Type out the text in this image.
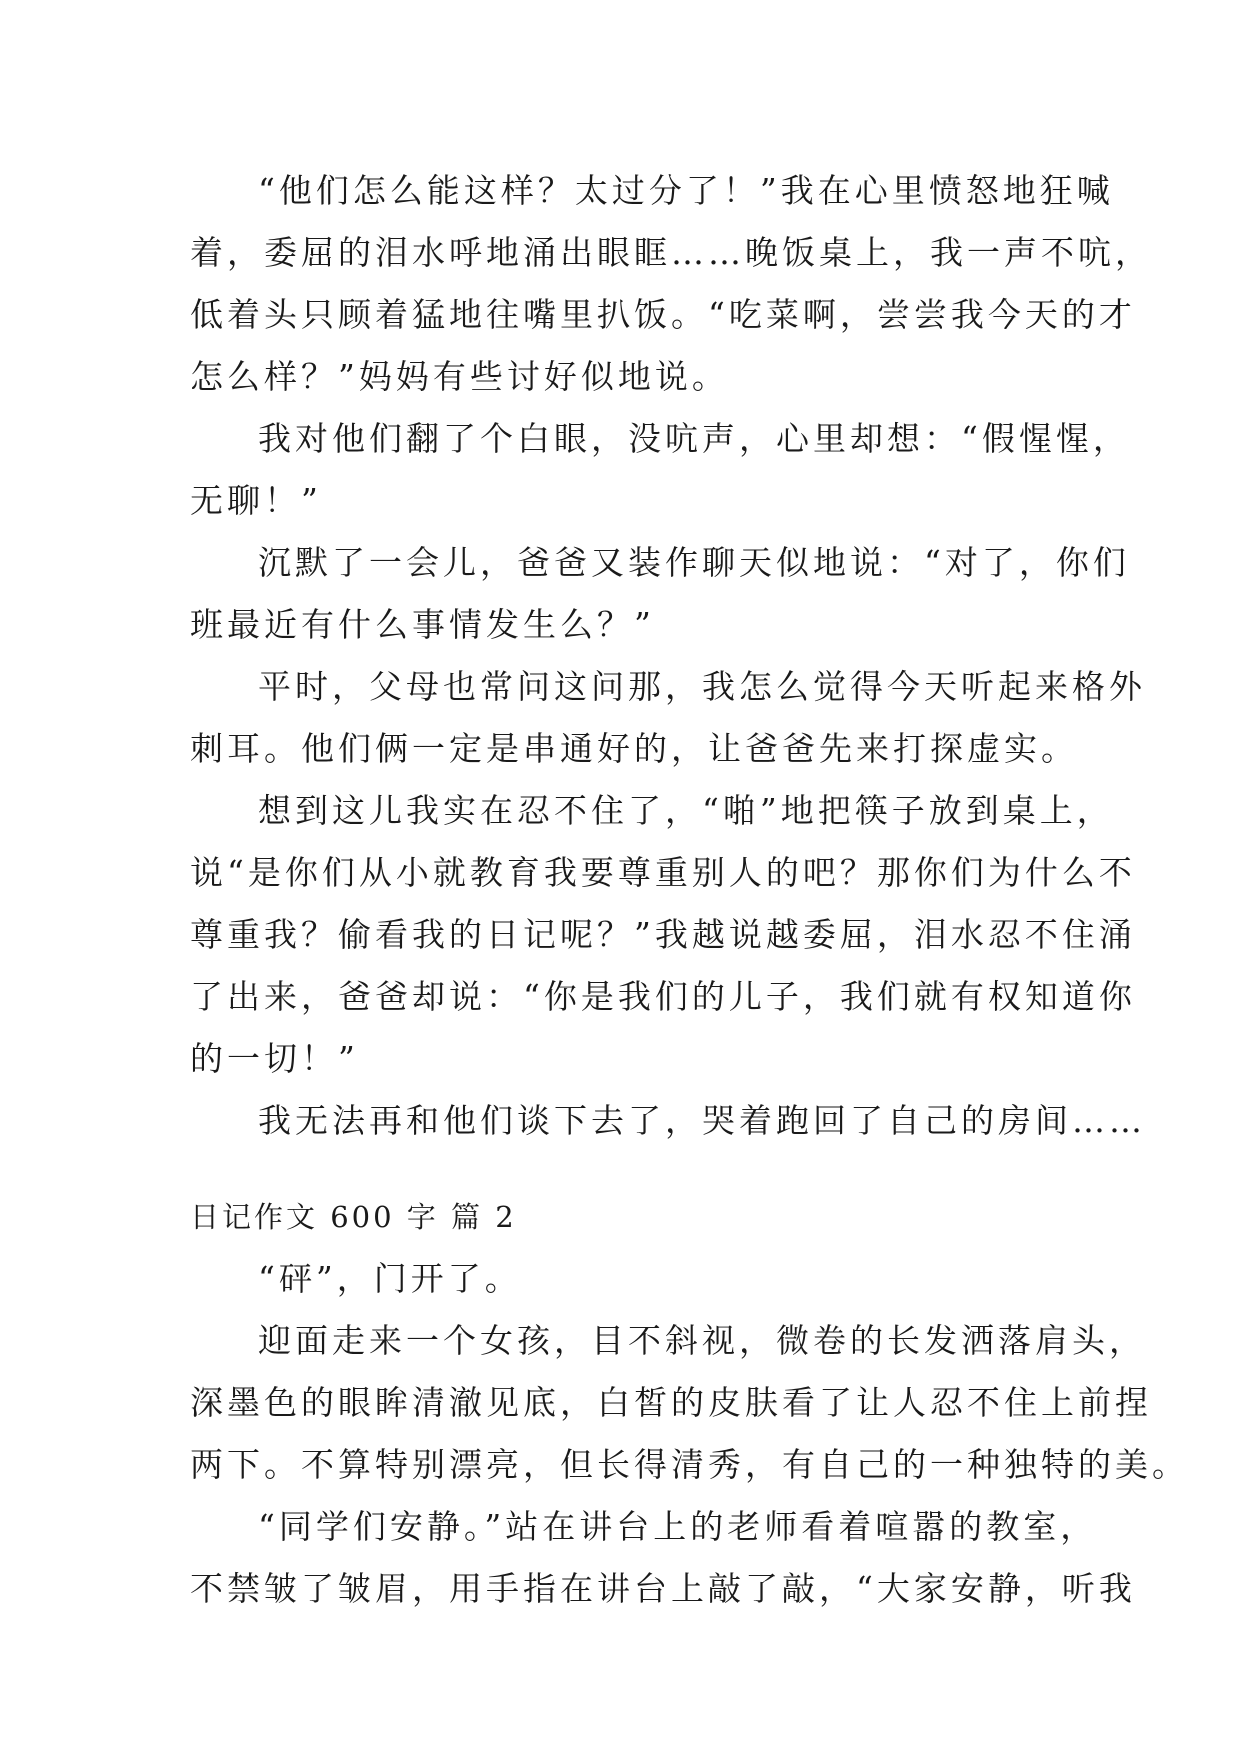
“他们怎么能这样？太过分了！”我在心里愤怒地狂喊
着，委屈的泪水呼地涌出眼眶……晚饭桌上，我一声不吭，
低着头只顾着猛地往嘴里扒饭。“吃菜啊，尝尝我今天的才
怎么样？”妈妈有些讨好似地说。
我对他们翻了个白眼，没吭声，心里却想：“假惺惺，
无聊！”
沉默了一会儿，爸爸又装作聊天似地说：“对了，你们
班最近有什么事情发生么？”
平时，父母也常问这问那，我怎么觉得今天听起来格外
刺耳。他们俩一定是串通好的，让爸爸先来打探虚实。
想到这儿我实在忍不住了，“啪”地把筷子放到桌上，
说“是你们从小就教育我要尊重别人的吧？那你们为什么不
尊重我？偷看我的日记呢？”我越说越委屈，泪水忍不住涌
了出来，爸爸却说：“你是我们的儿子，我们就有权知道你
的一切！”
我无法再和他们谈下去了，哭着跑回了自己的房间……
日记作文 600 字 篇 2
“砰”，门开了。
迎面走来一个女孩，目不斜视，微卷的长发洒落肩头，
深墨色的眼眸清澈见底，白皙的皮肤看了让人忍不住上前捏
两下。不算特别漂亮，但长得清秀，有自己的一种独特的美。
“同学们安静。”站在讲台上的老师看着喧嚣的教室，
不禁皱了皱眉，用手指在讲台上敲了敲，“大家安静，听我
